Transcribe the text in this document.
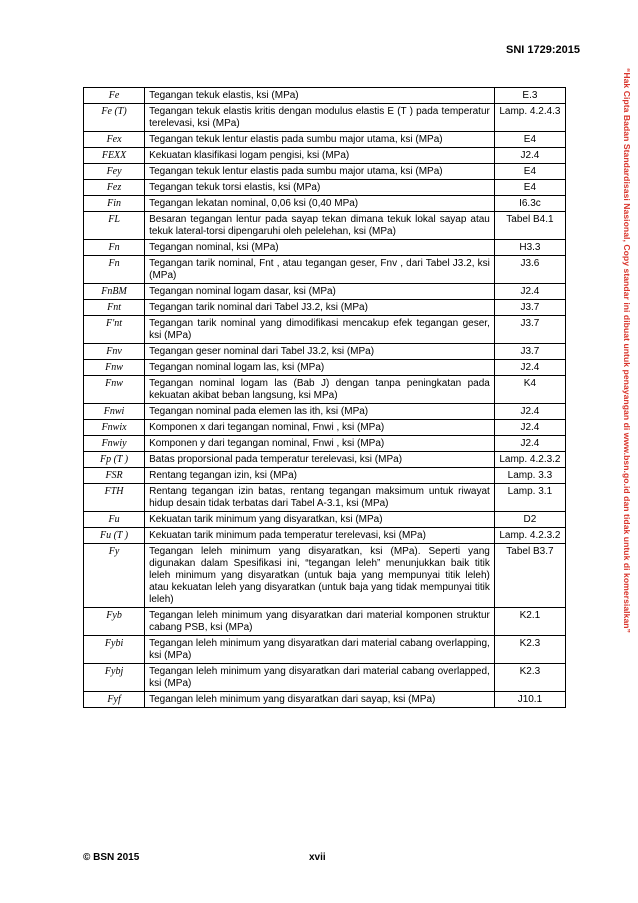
SNI 1729:2015
“Hak Cipta Badan Standardisasi Nasional, Copy standar ini dibuat untuk penayangan di www.bsn.go.id dan tidak untuk di komersialkan”
Fe	Tegangan tekuk elastis, ksi (MPa)	E.3
Fe (T)	Tegangan tekuk elastis kritis dengan modulus elastis E (T ) pada temperatur terelevasi, ksi (MPa)	Lamp. 4.2.4.3
Fex	Tegangan tekuk lentur elastis pada sumbu major utama, ksi (MPa)	E4
FEXX	Kekuatan klasifikasi logam pengisi, ksi (MPa)	J2.4
Fey	Tegangan tekuk lentur elastis pada sumbu major utama, ksi (MPa)	E4
Fez	Tegangan tekuk torsi elastis, ksi (MPa)	E4
Fin	Tegangan lekatan nominal, 0,06 ksi (0,40 MPa)	I6.3c
FL	Besaran tegangan lentur pada sayap tekan dimana tekuk lokal sayap atau tekuk lateral-torsi dipengaruhi oleh pelelehan, ksi (MPa)	Tabel B4.1
Fn	Tegangan nominal, ksi (MPa)	H3.3
Fn	Tegangan tarik nominal, Fnt , atau tegangan geser, Fnv , dari Tabel J3.2, ksi (MPa)	J3.6
FnBM	Tegangan nominal logam dasar, ksi (MPa)	J2.4
Fnt	Tegangan tarik nominal dari Tabel J3.2, ksi (MPa)	J3.7
F'nt	Tegangan tarik nominal yang dimodifikasi mencakup efek tegangan geser, ksi (MPa)	J3.7
Fnv	Tegangan geser nominal dari Tabel J3.2, ksi (MPa)	J3.7
Fnw	Tegangan nominal logam las, ksi (MPa)	J2.4
Fnw	Tegangan nominal logam las (Bab J) dengan tanpa peningkatan pada kekuatan akibat beban langsung, ksi MPa)	K4
Fnwi	Tegangan nominal pada elemen las ith, ksi (MPa)	J2.4
Fnwix	Komponen x dari tegangan nominal, Fnwi , ksi (MPa)	J2.4
Fnwiy	Komponen y dari tegangan nominal, Fnwi , ksi (MPa)	J2.4
Fp (T )	Batas proporsional pada temperatur terelevasi, ksi (MPa)	Lamp. 4.2.3.2
FSR	Rentang tegangan izin, ksi (MPa)	Lamp. 3.3
FTH	Rentang tegangan izin batas, rentang tegangan maksimum untuk riwayat hidup desain tidak terbatas dari Tabel A-3.1, ksi (MPa)	Lamp. 3.1
Fu	Kekuatan tarik minimum yang disyaratkan, ksi (MPa)	D2
Fu (T )	Kekuatan tarik minimum pada temperatur terelevasi, ksi (MPa)	Lamp. 4.2.3.2
Fy	Tegangan leleh minimum yang disyaratkan, ksi (MPa). Seperti yang digunakan dalam Spesifikasi ini, “tegangan leleh” menunjukkan baik titik leleh minimum yang disyaratkan (untuk baja yang mempunyai titik leleh) atau kekuatan leleh yang disyaratkan (untuk baja yang tidak mempunyai titik leleh)	Tabel B3.7
Fyb	Tegangan leleh minimum yang disyaratkan dari material komponen struktur cabang PSB, ksi (MPa)	K2.1
Fybi	Tegangan leleh minimum yang disyaratkan dari material cabang overlapping, ksi (MPa)	K2.3
Fybj	Tegangan leleh minimum yang disyaratkan dari material cabang overlapped, ksi (MPa)	K2.3
Fyf	Tegangan leleh minimum yang disyaratkan dari sayap, ksi (MPa)	J10.1
© BSN 2015	xvii
